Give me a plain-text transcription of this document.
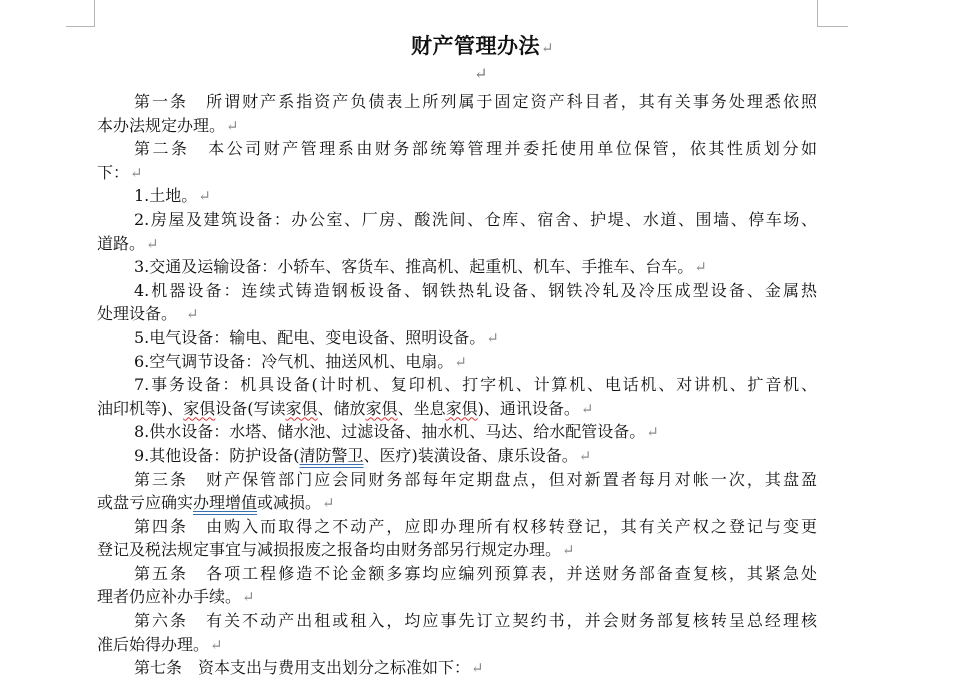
财产管理办法↵
↵
第一条　所谓财产系指资产负债表上所列属于固定资产科目者，其有关事务处理悉依照
本办法规定办理。↵
第二条　本公司财产管理系由财务部统筹管理并委托使用单位保管，依其性质划分如
下：↵
1.土地。↵
2.房屋及建筑设备：办公室、厂房、酸洗间、仓库、宿舍、护堤、水道、围墙、停车场、
道路。↵
3.交通及运输设备：小轿车、客货车、推高机、起重机、机车、手推车、台车。↵
4.机器设备：连续式铸造钢板设备、钢铁热轧设备、钢铁冷轧及冷压成型设备、金属热
处理设备。　↵
5.电气设备：输电、配电、变电设备、照明设备。↵
6.空气调节设备：冷气机、抽送风机、电扇。↵
7.事务设备：机具设备(计时机、复印机、打字机、计算机、电话机、对讲机、扩音机、
油印机等)、家俱设备(写读家俱、储放家俱、坐息家俱)、通讯设备。↵
8.供水设备：水塔、储水池、过滤设备、抽水机、马达、给水配管设备。↵
9.其他设备：防护设备(清防警卫、医疗)装潢设备、康乐设备。↵
第三条　财产保管部门应会同财务部每年定期盘点，但对新置者每月对帐一次，其盘盈
或盘亏应确实办理增值或减损。↵
第四条　由购入而取得之不动产，应即办理所有权移转登记，其有关产权之登记与变更
登记及税法规定事宜与减损报废之报备均由财务部另行规定办理。↵
第五条　各项工程修造不论金额多寡均应编列预算表，并送财务部备查复核，其紧急处
理者仍应补办手续。↵
第六条　有关不动产出租或租入，均应事先订立契约书，并会财务部复核转呈总经理核
准后始得办理。↵
第七条　资本支出与费用支出划分之标准如下：↵
